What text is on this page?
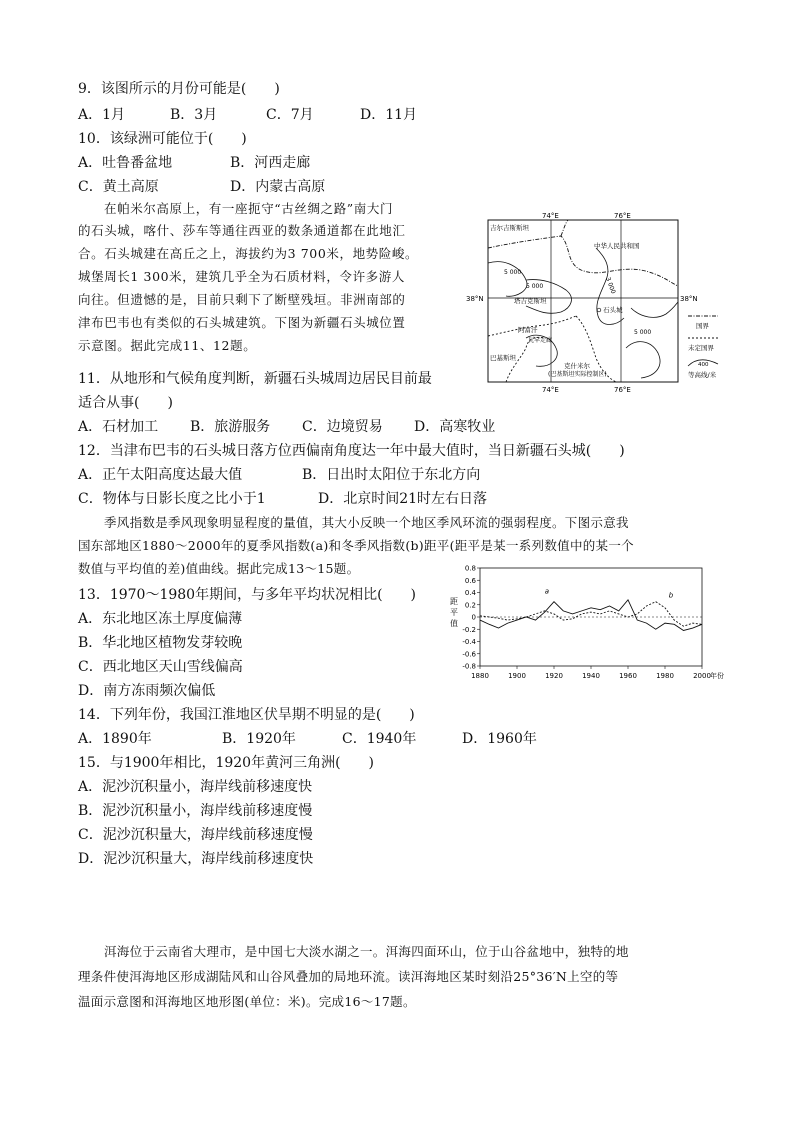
9．该图所示的月份可能是(　　)
A．1月	B．3月	C．7月	D．11月
10．该绿洲可能位于(　　)
A．吐鲁番盆地	B．河西走廊
C．黄土高原	D．内蒙古高原
在帕米尔高原上，有一座扼守“古丝绸之路”南大门
的石头城，喀什、莎车等通往西亚的数条通道都在此地汇
合。石头城建在高丘之上，海拔约为3 700米，地势险峻。
城堡周长1 300米，建筑几乎全为石质材料，令许多游人
向往。但遗憾的是，目前只剩下了断壁残垣。非洲南部的
津布巴韦也有类似的石头城建筑。下图为新疆石头城位置
示意图。据此完成11、12题。
74°E	76°E
74°E	76°E
38°N	38°N
吉尔吉斯斯坦
中华人民共和国
塔吉克斯坦
石头城
阿富汗
瓦罕走廊
巴基斯坦
克什米尔
(巴基斯坦实际控制区)
5 000
5 000	3 000
5 000
国界
未定国界
400
等高线/米
11．从地形和气候角度判断，新疆石头城周边居民目前最
适合从事(　　)
A．石材加工 B．旅游服务 C．边境贸易 D．高寒牧业
12．当津布巴韦的石头城日落方位西偏南角度达一年中最大值时，当日新疆石头城(　　)
A．正午太阳高度达最大值	B．日出时太阳位于东北方向
C．物体与日影长度之比小于1	D．北京时间21时左右日落
季风指数是季风现象明显程度的量值，其大小反映一个地区季风环流的强弱程度。下图示意我
国东部地区1880～2000年的夏季风指数(a)和冬季风指数(b)距平(距平是某一系列数值中的某一个
数值与平均值的差)值曲线。据此完成13～15题。	0.8
0.6
0.4
0.2
0
-0.2
-0.4
-0.6
-0.8
1880	1900	1920	1940	1960	1980	2000 年份
距
平
值
a	b
13．1970～1980年期间，与多年平均状况相比(　　)
A．东北地区冻土厚度偏薄
B．华北地区植物发芽较晚
C．西北地区天山雪线偏高
D．南方冻雨频次偏低
14．下列年份，我国江淮地区伏旱期不明显的是(　　)
A．1890年	B．1920年	C．1940年	D．1960年
15．与1900年相比，1920年黄河三角洲(　　)
A．泥沙沉积量小，海岸线前移速度快
B．泥沙沉积量小，海岸线前移速度慢
C．泥沙沉积量大，海岸线前移速度慢
D．泥沙沉积量大，海岸线前移速度快
洱海位于云南省大理市，是中国七大淡水湖之一。洱海四面环山，位于山谷盆地中，独特的地
理条件使洱海地区形成湖陆风和山谷风叠加的局地环流。读洱海地区某时刻沿25°36′N上空的等
温面示意图和洱海地区地形图(单位：米)。完成16～17题。
